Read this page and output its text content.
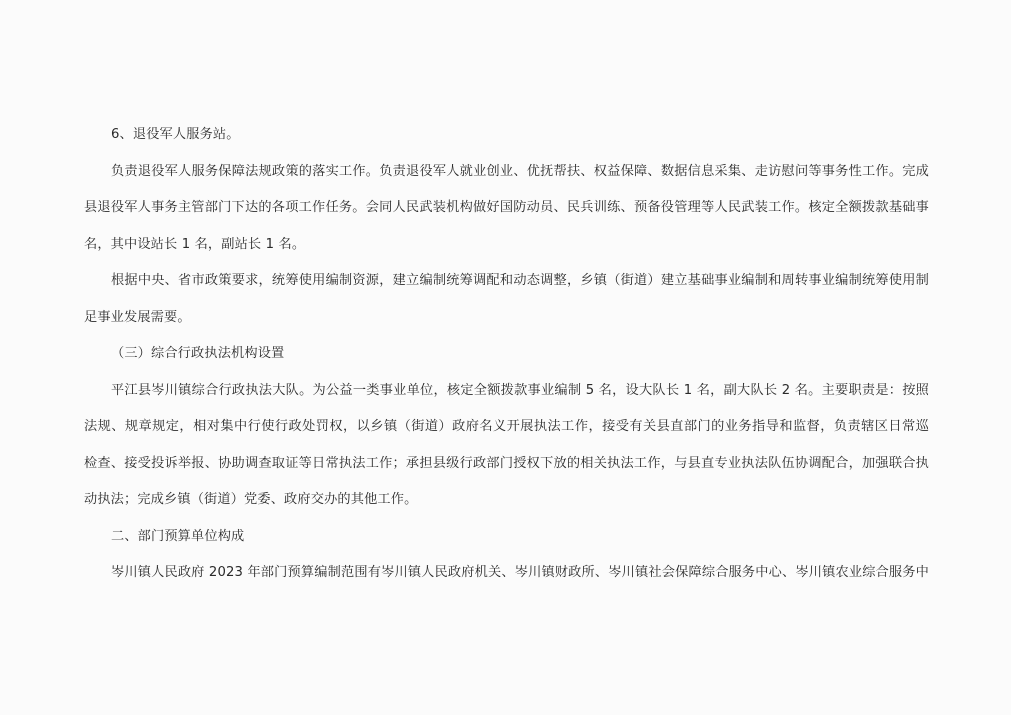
6、退役军人服务站。
负责退役军人服务保障法规政策的落实工作。负责退役军人就业创业、优抚帮扶、权益保障、数据信息采集、走访慰问等事务性工作。完成
县退役军人事务主管部门下达的各项工作任务。会同人民武装机构做好国防动员、民兵训练、预备役管理等人民武装工作。核定全额拨款基础事
名，其中设站长 1 名，副站长 1 名。
根据中央、省市政策要求，统筹使用编制资源，建立编制统筹调配和动态调整，乡镇（街道）建立基础事业编制和周转事业编制统筹使用制
足事业发展需要。
（三）综合行政执法机构设置
平江县岑川镇综合行政执法大队。为公益一类事业单位，核定全额拨款事业编制 5 名，设大队长 1 名，副大队长 2 名。主要职责是：按照
法规、规章规定，相对集中行使行政处罚权，以乡镇（街道）政府名义开展执法工作，接受有关县直部门的业务指导和监督，负责辖区日常巡
检查、接受投诉举报、协助调查取证等日常执法工作；承担县级行政部门授权下放的相关执法工作，与县直专业执法队伍协调配合，加强联合执
动执法；完成乡镇（街道）党委、政府交办的其他工作。
二、部门预算单位构成
岑川镇人民政府 2023 年部门预算编制范围有岑川镇人民政府机关、岑川镇财政所、岑川镇社会保障综合服务中心、岑川镇农业综合服务中
